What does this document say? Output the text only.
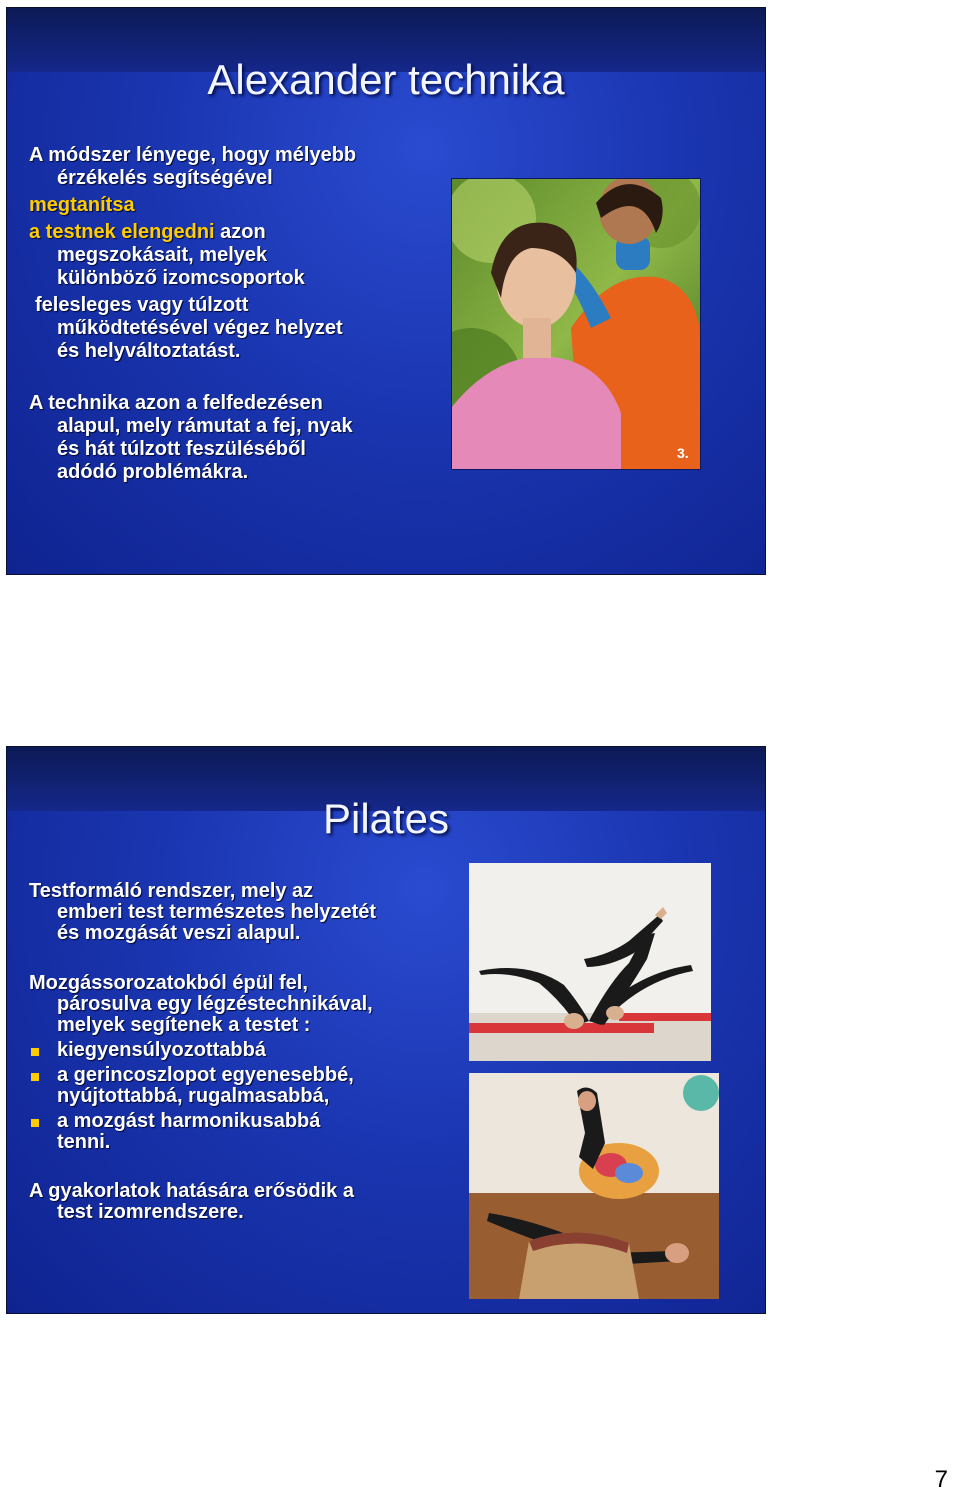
Alexander technika
A módszer lényege, hogy mélyebb
érzékelés segítségével
megtanítsa
a testnek elengedni azon
megszokásait, melyek
különböző izomcsoportok
felesleges vagy túlzott
működtetésével végez helyzet
és helyváltoztatást.
A technika azon a felfedezésen
alapul, mely rámutat a fej, nyak
és hát túlzott feszüléséből
adódó problémákra.
3.
Pilates
Testformáló rendszer, mely az
emberi test természetes helyzetét
és mozgását veszi alapul.
Mozgássorozatokból épül fel,
párosulva egy légzéstechnikával,
melyek segítenek a testet :
kiegyensúlyozottabbá
a gerincoszlopot egyenesebbé,
nyújtottabbá, rugalmasabbá,
a mozgást harmonikusabbá
tenni.
A gyakorlatok hatására erősödik a
test izomrendszere.
7
